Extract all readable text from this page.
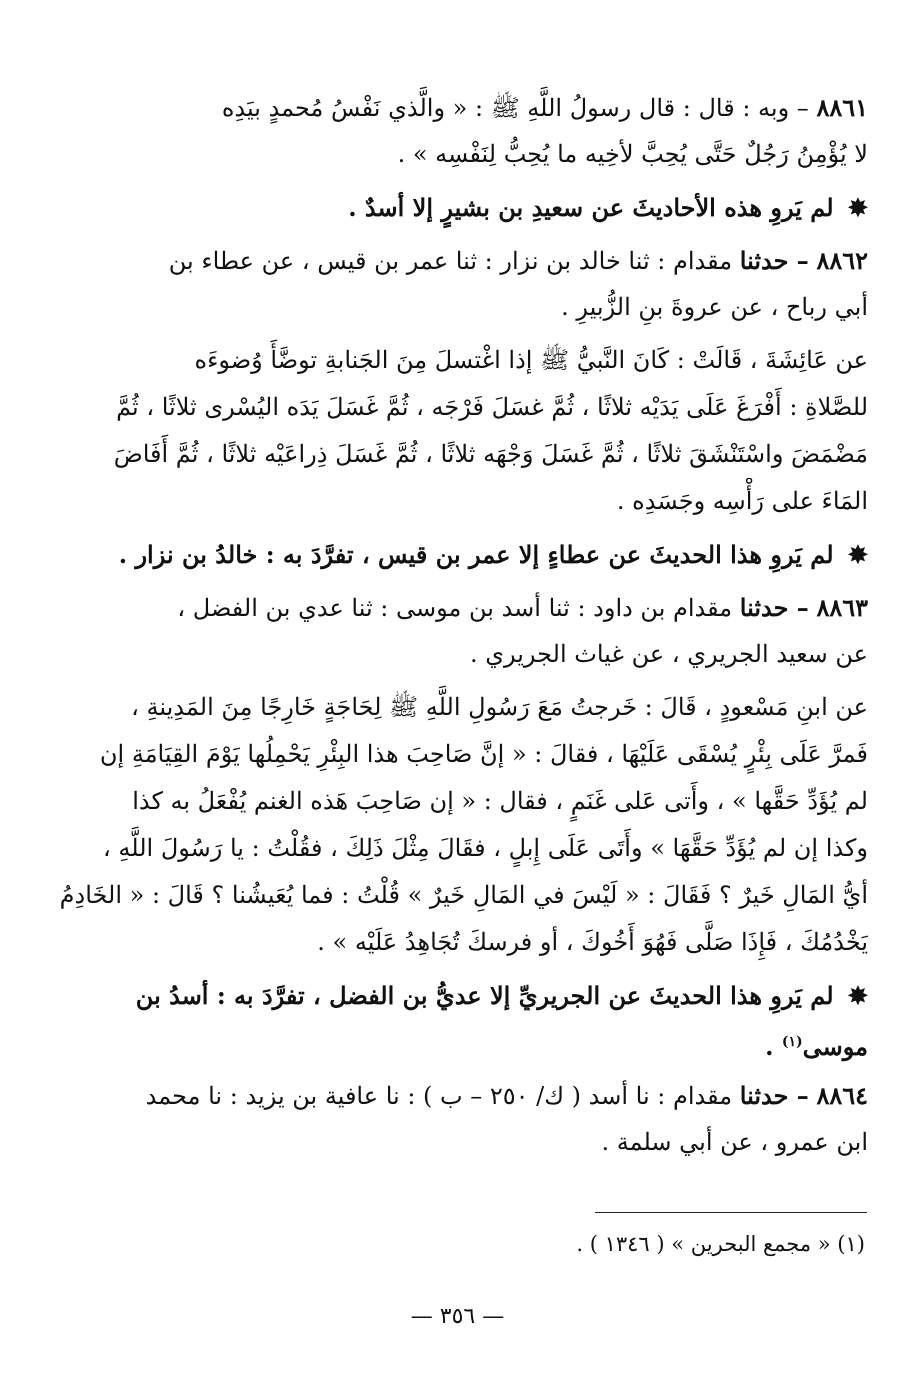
٨٨٦١ – وبه : قال : قال رسولُ اللَّهِ ﷺ : « والَّذي نَفْسُ مُحمدٍ بيَدِه
لا يُؤْمِنُ رَجُلٌ حَتَّى يُحِبَّ لأخِيه ما يُحِبُّ لِنَفْسِه » .
✸ لم يَروِ هذه الأحاديثَ عن سعيدِ بن بشيرٍ إلا أسدٌ .
٨٨٦٢ – حدثنا مقدام : ثنا خالد بن نزار : ثنا عمر بن قيس ، عن عطاء بن
أبي رباح ، عن عروةَ بنِ الزُّبيرِ .
عن عَائِشَةَ ، قَالَتْ : كَانَ النَّبيُّ ﷺ إذا اغْتسلَ مِنَ الجَنابةِ توضَّأَ وُضوءَه
للصَّلاةِ : أَفْرَغَ عَلَى يَدَيْه ثلاثًا ، ثُمَّ غسَلَ فَرْجَه ، ثُمَّ غَسَلَ يَدَه اليُسْرى ثلاثًا ، ثُمَّ
مَضْمَضَ واسْتَنْشَقَ ثلاثًا ، ثُمَّ غَسَلَ وَجْهَه ثلاثًا ، ثُمَّ غَسَلَ ذِراعَيْه ثلاثًا ، ثُمَّ أَفَاضَ
المَاءَ على رَأْسِه وجَسَدِه .
✸ لم يَروِ هذا الحديثَ عن عطاءٍ إلا عمر بن قيس ، تفرَّدَ به : خالدُ بن نزار .
٨٨٦٣ – حدثنا مقدام بن داود : ثنا أسد بن موسى : ثنا عدي بن الفضل ،
عن سعيد الجريري ، عن غياث الجريري .
عن ابنِ مَسْعودٍ ، قَالَ : خَرجتُ مَعَ رَسُولِ اللَّهِ ﷺ لِحَاجَةٍ خَارِجًا مِنَ المَدِينةِ ،
فَمرَّ عَلَى بِئْرٍ يُسْقَى عَلَيْهَا ، فقالَ : « إنَّ صَاحِبَ هذا البِئْرِ يَحْمِلُها يَوْمَ القِيَامَةِ إن
لم يُؤَدِّ حَقَّها » ، وأَتى عَلى غَنَمٍ ، فقال : « إن صَاحِبَ هَذه الغنم يُفْعَلُ به كذا
وكذا إن لم يُؤَدِّ حَقَّهَا » وأَتَى عَلَى إِبلٍ ، فقَالَ مِثْلَ ذَلِكَ ، فقُلْتُ : يا رَسُولَ اللَّهِ ،
أيُّ المَالِ خَيرٌ ؟ فَقَالَ : « لَيْسَ في المَالِ خَيرٌ » قُلْتُ : فما يُعَيشُنا ؟ قَالَ : « الخَادِمُ
يَخْدُمُكَ ، فَإِذَا صَلَّى فَهُوَ أَخُوكَ ، أو فرسكَ تُجَاهِدُ عَلَيْه » .
✸ لم يَروِ هذا الحديثَ عن الجريريِّ إلا عديُّ بن الفضل ، تفرَّدَ به : أسدُ بن
موسى$^{(١)}$ .
٨٨٦٤ – حدثنا مقدام : نا أسد ( ك/ ٢٥٠ – ب ) : نا عافية بن يزيد : نا محمد
ابن عمرو ، عن أبي سلمة .
(١) « مجمع البحرين » ( ١٣٤٦ ) .
— ٣٥٦ —
